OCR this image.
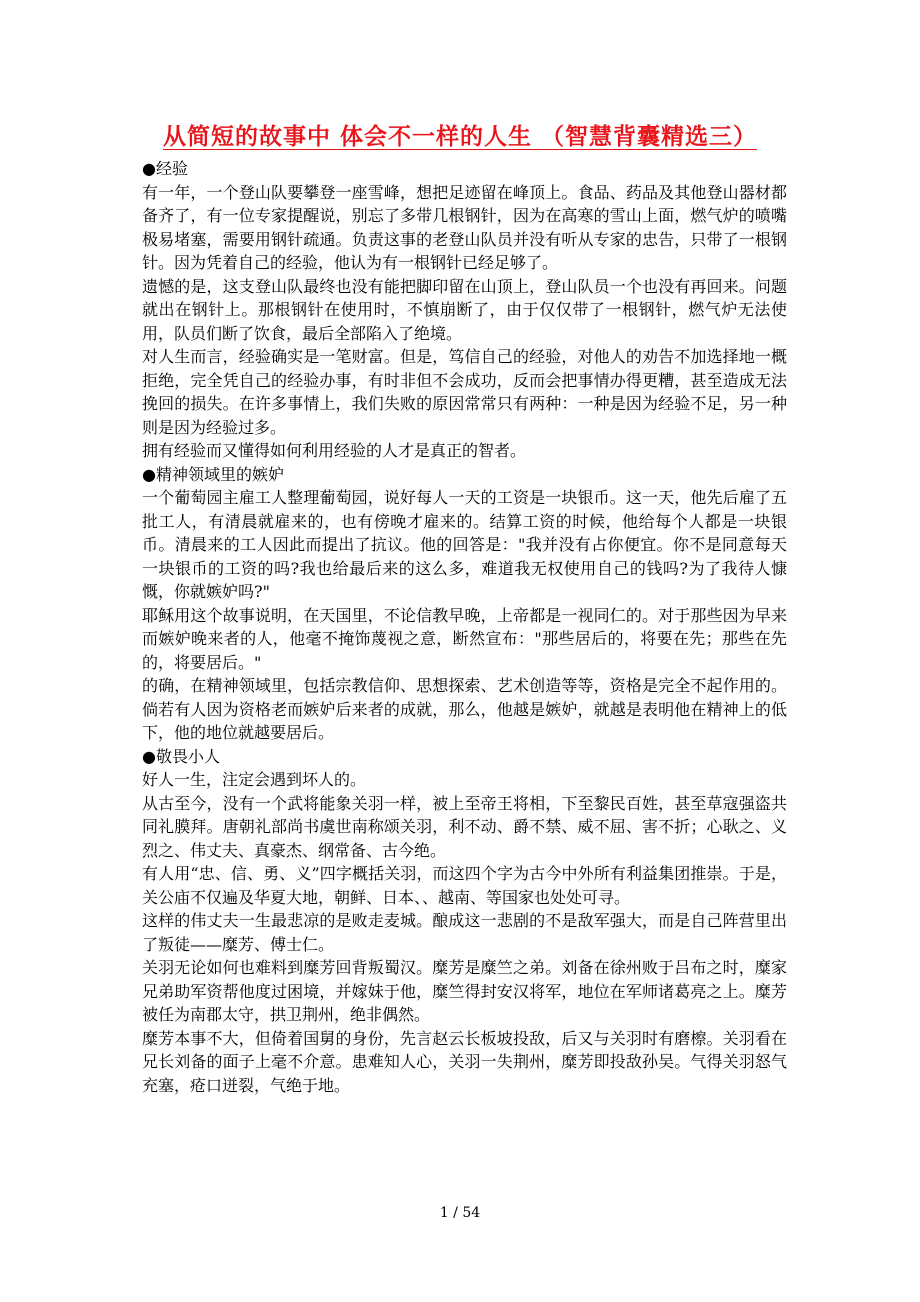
从简短的故事中 体会不一样的人生 （智慧背囊精选三）

● 经验

有一年，一个登山队要攀登一座雪峰，想把足迹留在峰顶上。食品、药品及其他登山器材都备齐了，有一位专家提醒说，别忘了多带几根钢针，因为在高寒的雪山上面，燃气炉的喷嘴极易堵塞，需要用钢针疏通。负责这事的老登山队员并没有听从专家的忠告，只带了一根钢针。因为凭着自己的经验，他认为有一根钢针已经足够了。

遗憾的是，这支登山队最终也没有能把脚印留在山顶上，登山队员一个也没有再回来。问题就出在钢针上。那根钢针在使用时，不慎崩断了，由于仅仅带了一根钢针，燃气炉无法使用，队员们断了饮食，最后全部陷入了绝境。

对人生而言，经验确实是一笔财富。但是，笃信自己的经验，对他人的劝告不加选择地一概拒绝，完全凭自己的经验办事，有时非但不会成功，反而会把事情办得更糟，甚至造成无法挽回的损失。在许多事情上，我们失败的原因常常只有两种：一种是因为经验不足，另一种则是因为经验过多。

拥有经验而又懂得如何利用经验的人才是真正的智者。

● 精神领域里的嫉妒

一个葡萄园主雇工人整理葡萄园，说好每人一天的工资是一块银币。这一天，他先后雇了五批工人，有清晨就雇来的，也有傍晚才雇来的。结算工资的时候，他给每个人都是一块银币。清晨来的工人因此而提出了抗议。他的回答是："我并没有占你便宜。你不是同意每天一块银币的工资的吗?我也给最后来的这么多，难道我无权使用自己的钱吗?为了我待人慷慨，你就嫉妒吗?"

耶稣用这个故事说明，在天国里，不论信教早晚，上帝都是一视同仁的。对于那些因为早来而嫉妒晚来者的人，他毫不掩饰蔑视之意，断然宣布："那些居后的，将要在先；那些在先的，将要居后。"

的确，在精神领域里，包括宗教信仰、思想探索、艺术创造等等，资格是完全不起作用的。倘若有人因为资格老而嫉妒后来者的成就，那么，他越是嫉妒，就越是表明他在精神上的低下，他的地位就越要居后。

● 敬畏小人

好人一生，注定会遇到坏人的。

从古至今，没有一个武将能象关羽一样，被上至帝王将相，下至黎民百姓，甚至草寇强盗共同礼膜拜。唐朝礼部尚书虞世南称颂关羽，利不动、爵不禁、威不屈、害不折；心耿之、义烈之、伟丈夫、真豪杰、纲常备、古今绝。

有人用“忠、信、勇、义”四字概括关羽，而这四个字为古今中外所有利益集团推崇。于是，关公庙不仅遍及华夏大地，朝鲜、日本、、越南、等国家也处处可寻。

这样的伟丈夫一生最悲凉的是败走麦城。酿成这一悲剧的不是敌军强大，而是自己阵营里出了叛徒——糜芳、傅士仁。

关羽无论如何也难料到糜芳回背叛蜀汉。糜芳是糜竺之弟。刘备在徐州败于吕布之时，糜家兄弟助军资帮他度过困境，并嫁妹于他，糜竺得封安汉将军，地位在军师诸葛亮之上。糜芳被任为南郡太守，拱卫荆州，绝非偶然。

糜芳本事不大，但倚着国舅的身份，先言赵云长板坡投敌，后又与关羽时有磨檫。关羽看在兄长刘备的面子上毫不介意。患难知人心，关羽一失荆州，糜芳即投敌孙吴。气得关羽怒气充塞，疮口迸裂，气绝于地。

1 / 54
